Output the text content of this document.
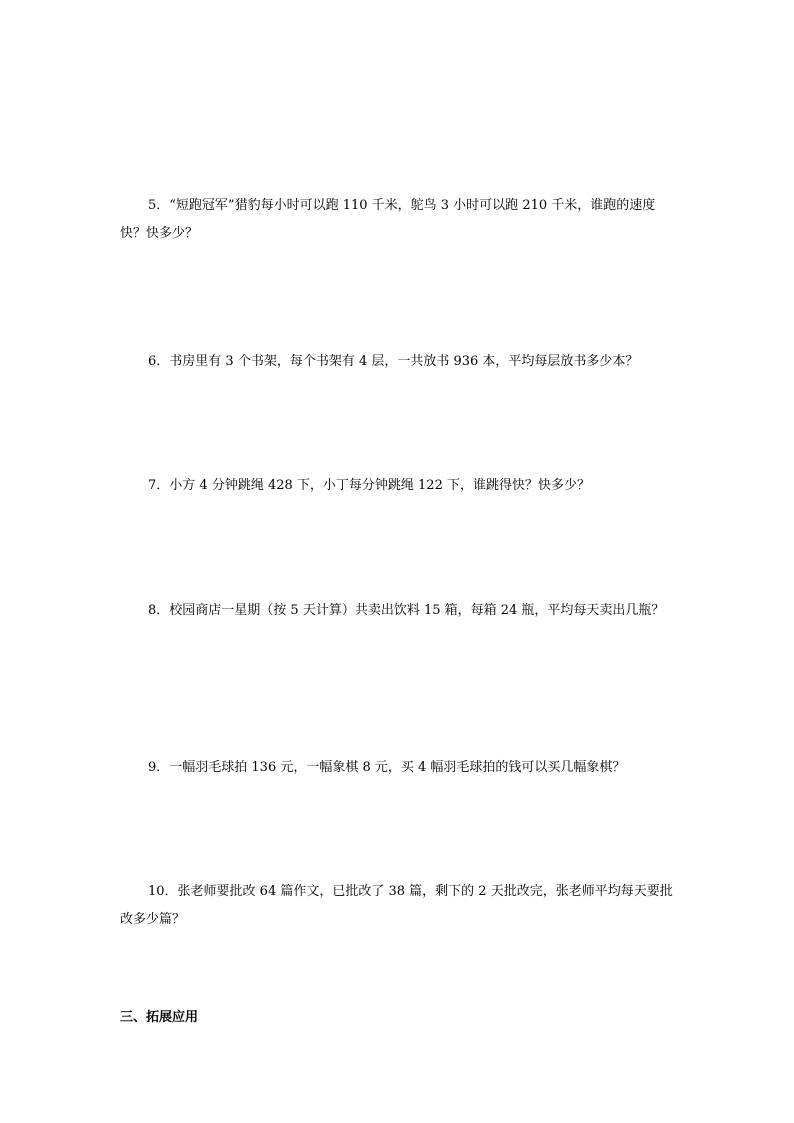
5．“短跑冠军”猎豹每小时可以跑 110 千米，鸵鸟 3 小时可以跑 210 千米，谁跑的速度快？快多少？

6．书房里有 3 个书架，每个书架有 4 层，一共放书 936 本，平均每层放书多少本？

7．小方 4 分钟跳绳 428 下，小丁每分钟跳绳 122 下，谁跳得快？快多少？

8．校园商店一星期（按 5 天计算）共卖出饮料 15 箱，每箱 24 瓶，平均每天卖出几瓶？

9．一幅羽毛球拍 136 元，一幅象棋 8 元，买 4 幅羽毛球拍的钱可以买几幅象棋？

10．张老师要批改 64 篇作文，已批改了 38 篇，剩下的 2 天批改完，张老师平均每天要批改多少篇？

三、拓展应用
